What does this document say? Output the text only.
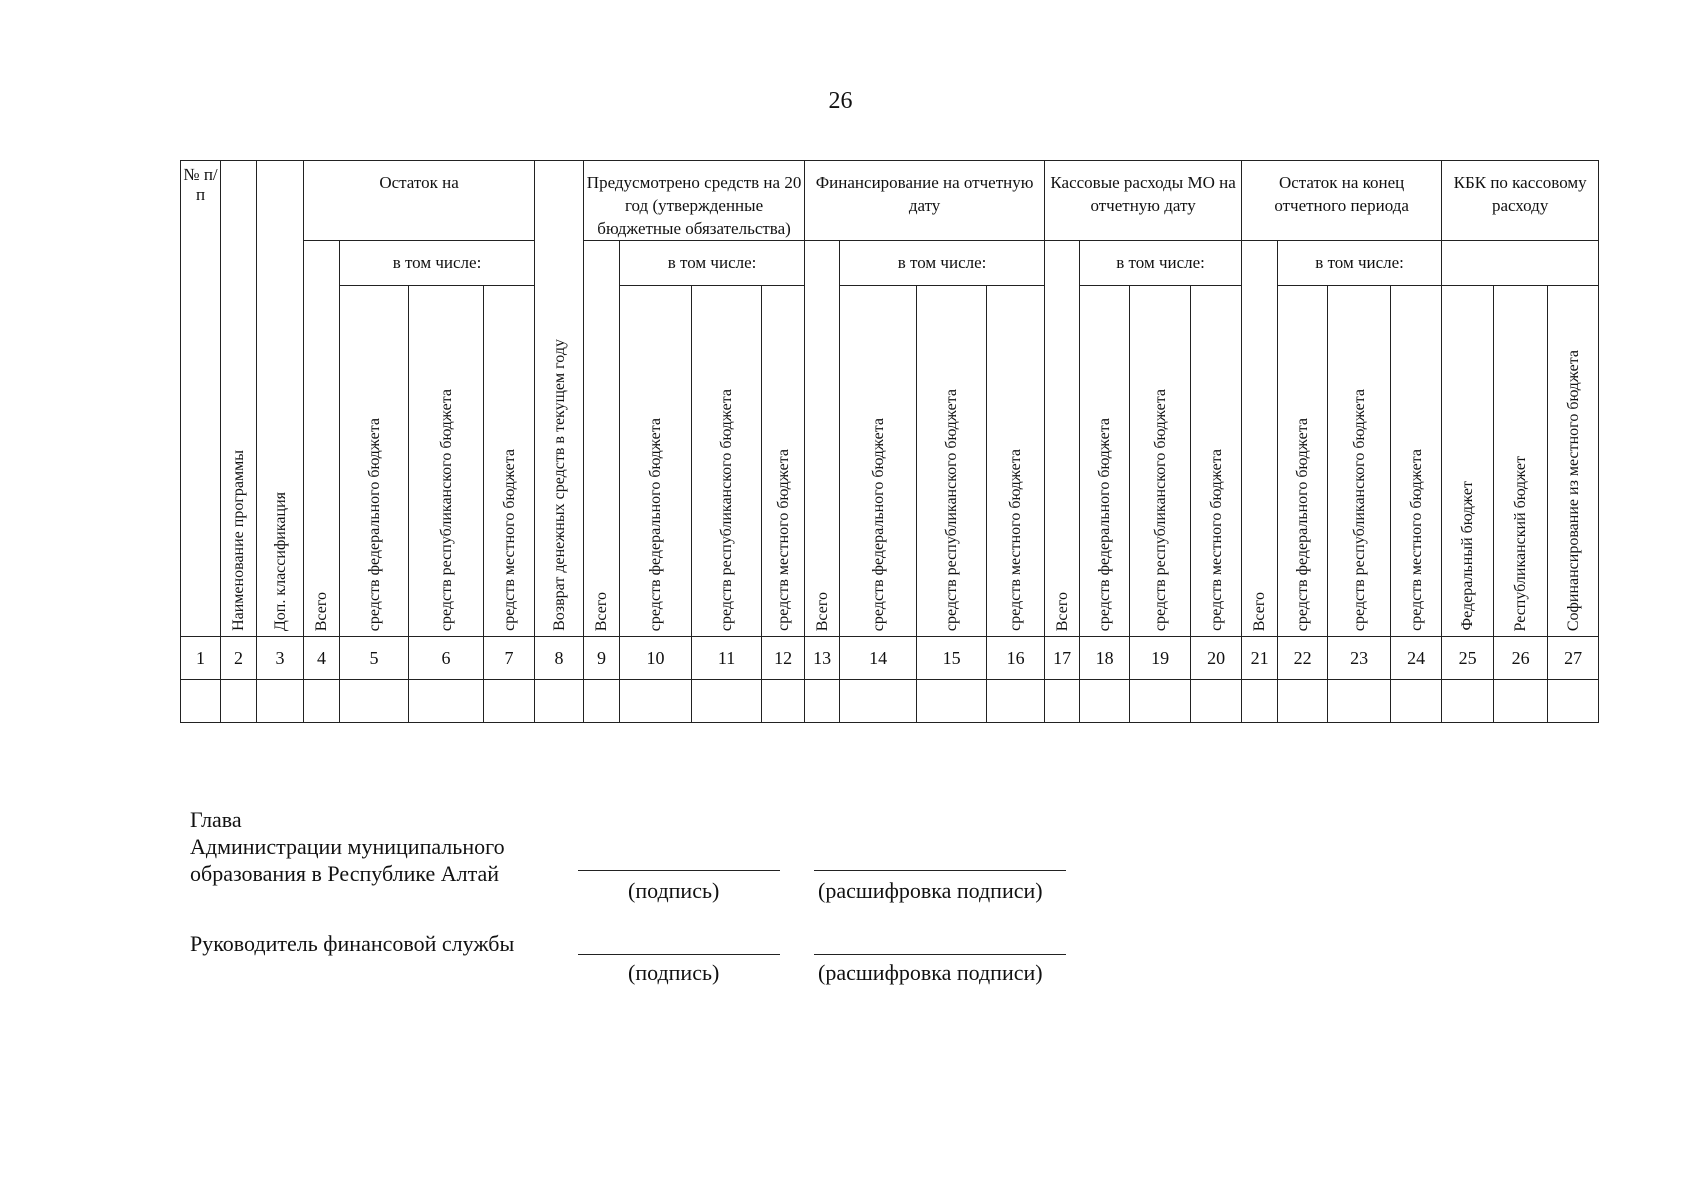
26
№ п/п	Наименование программы	Доп. классификация	Остаток на				Возврат денежных средств в текущем году	Предусмотрено средств на 20 год (утвержденные бюджетные обязательства)				Финансирование на отчетную дату				Кассовые расходы МО на отчетную дату				Остаток на конец отчетного периода				КБК по кассовому расходу		
			Всего	в том числе:				Всего	в том числе:			Всего	в том числе:			Всего	в том числе:			Всего	в том числе:					
				средств федерального бюджета	средств республиканского бюджета	средств местного бюджета			средств федерального бюджета	средств республиканского бюджета	средств местного бюджета		средств федерального бюджета	средств республиканского бюджета	средств местного бюджета		средств федерального бюджета	средств республиканского бюджета	средств местного бюджета		средств федерального бюджета	средств республиканского бюджета	средств местного бюджета	Федеральный бюджет	Республиканский бюджет	Софинансирование из местного бюджета
1	2	3	4	5	6	7	8	9	10	11	12	13	14	15	16	17	18	19	20	21	22	23	24	25	26	27

Глава
Администрации муниципального
образования в Республике Алтай
(подпись)	(расшифровка подписи)
Руководитель финансовой службы
(подпись)	(расшифровка подписи)
